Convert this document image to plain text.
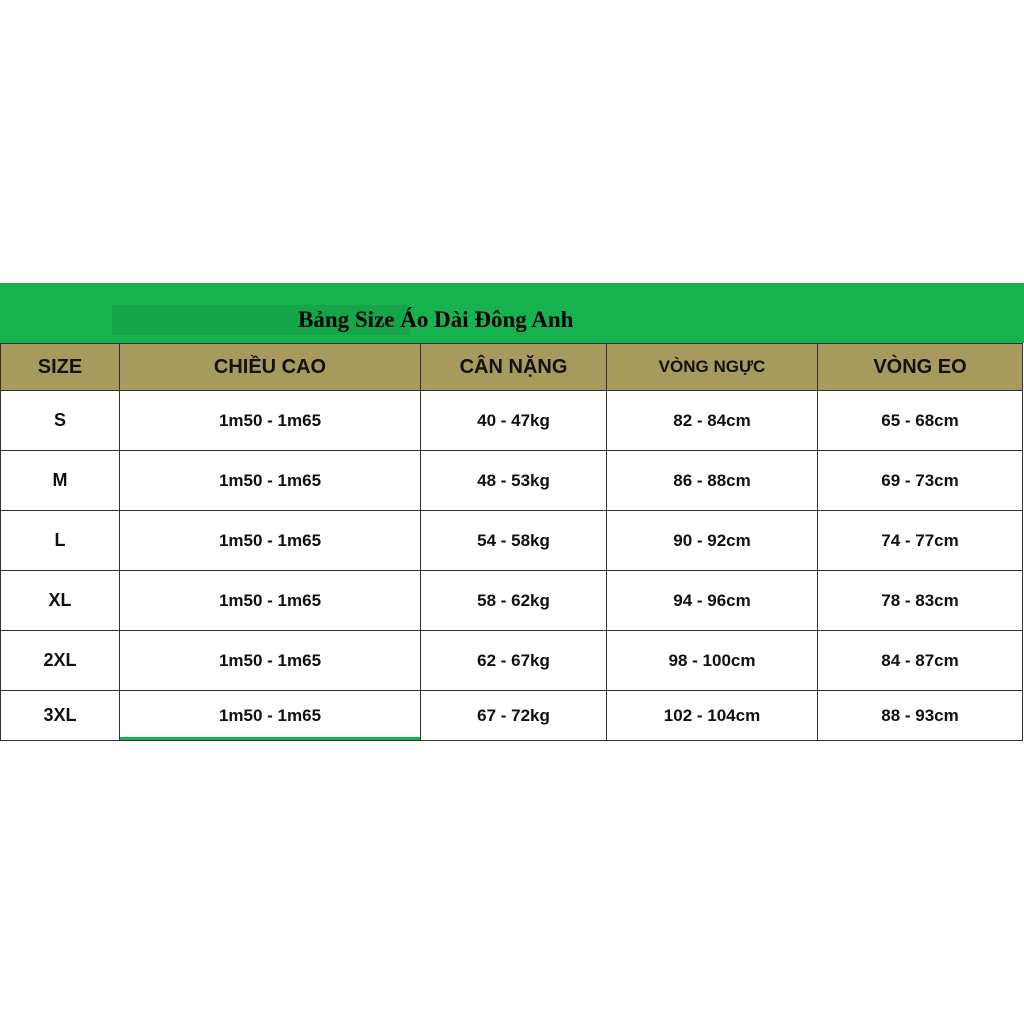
Bảng Size Áo Dài Đông Anh
SIZE	CHIỀU CAO	CÂN NẶNG	VÒNG NGỰC	VÒNG EO
S	1m50 - 1m65	40 - 47kg	82 - 84cm	65 - 68cm
M	1m50 - 1m65	48 - 53kg	86 - 88cm	69 - 73cm
L	1m50 - 1m65	54 - 58kg	90 - 92cm	74 - 77cm
XL	1m50 - 1m65	58 - 62kg	94 - 96cm	78 - 83cm
2XL	1m50 - 1m65	62 - 67kg	98 - 100cm	84 - 87cm
3XL	1m50 - 1m65	67 - 72kg	102 - 104cm	88 - 93cm
